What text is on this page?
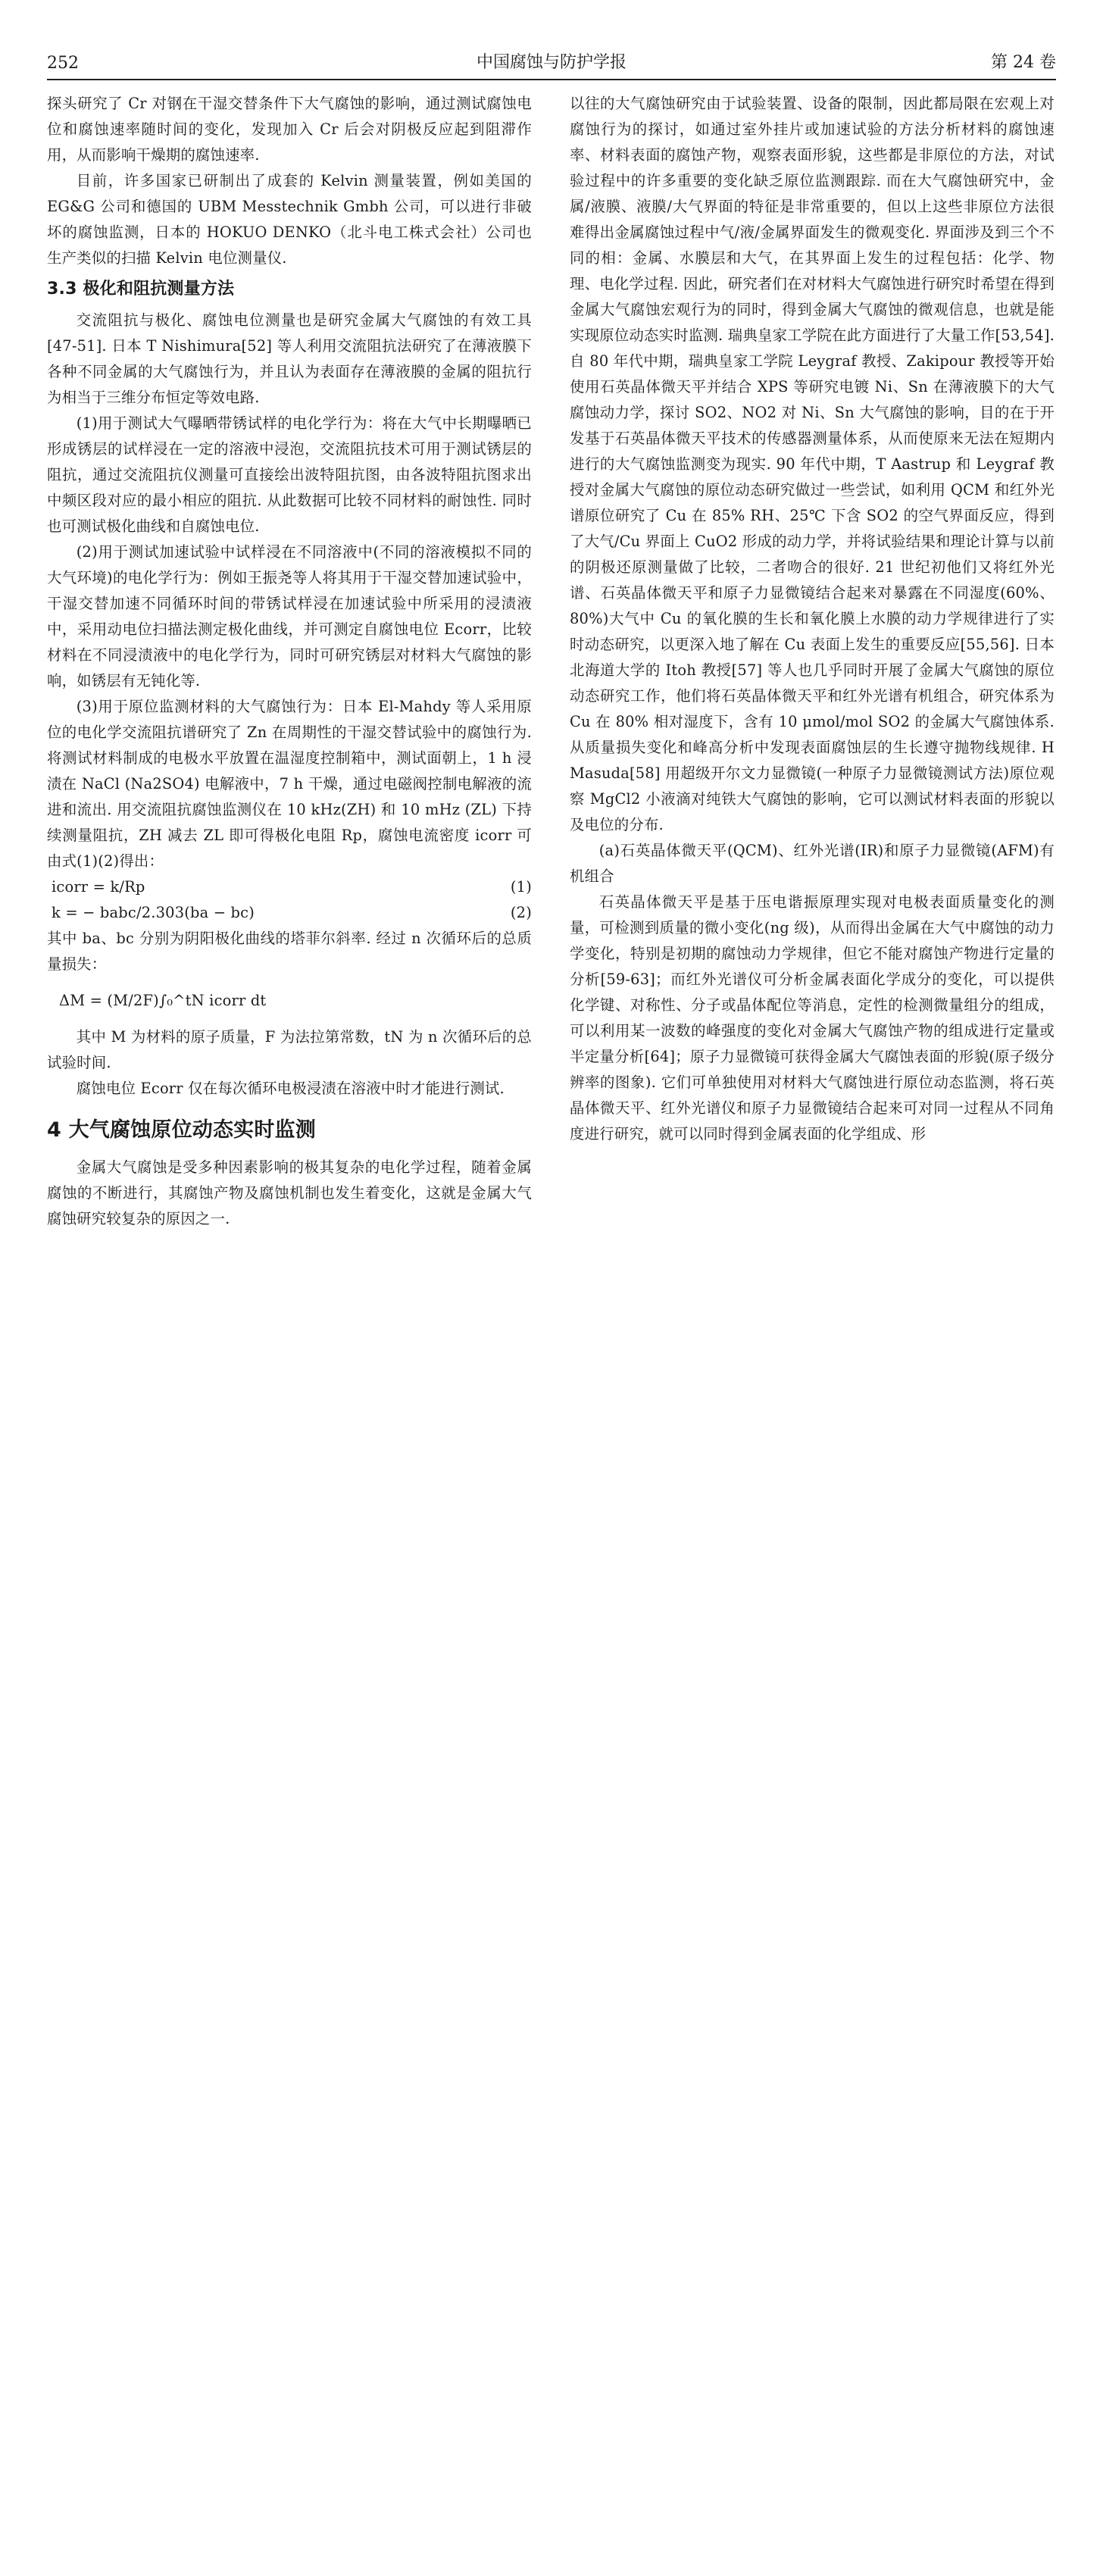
252	中国腐蚀与防护学报	第 24 卷

探头研究了 Cr 对钢在干湿交替条件下大气腐蚀的影响，通过测试腐蚀电位和腐蚀速率随时间的变化，发现加入 Cr 后会对阴极反应起到阻滞作用，从而影响干燥期的腐蚀速率.

目前，许多国家已研制出了成套的 Kelvin 测量装置，例如美国的 EG&G 公司和德国的 UBM Messtechnik Gmbh 公司，可以进行非破坏的腐蚀监测，日本的 HOKUO DENKO（北斗电工株式会社）公司也生产类似的扫描 Kelvin 电位测量仪.

3.3 极化和阻抗测量方法

交流阻抗与极化、腐蚀电位测量也是研究金属大气腐蚀的有效工具[47-51]. 日本 T Nishimura[52] 等人利用交流阻抗法研究了在薄液膜下各种不同金属的大气腐蚀行为，并且认为表面存在薄液膜的金属的阻抗行为相当于三维分布恒定等效电路.

(1)用于测试大气曝晒带锈试样的电化学行为：将在大气中长期曝晒已形成锈层的试样浸在一定的溶液中浸泡，交流阻抗技术可用于测试锈层的阻抗，通过交流阻抗仪测量可直接绘出波特阻抗图，由各波特阻抗图求出中频区段对应的最小相应的阻抗. 从此数据可比较不同材料的耐蚀性. 同时也可测试极化曲线和自腐蚀电位.

(2)用于测试加速试验中试样浸在不同溶液中(不同的溶液模拟不同的大气环境)的电化学行为：例如王振尧等人将其用于干湿交替加速试验中，干湿交替加速不同循环时间的带锈试样浸在加速试验中所采用的浸渍液中，采用动电位扫描法测定极化曲线，并可测定自腐蚀电位 Ecorr，比较材料在不同浸渍液中的电化学行为，同时可研究锈层对材料大气腐蚀的影响，如锈层有无钝化等.

(3)用于原位监测材料的大气腐蚀行为：日本 El-Mahdy 等人采用原位的电化学交流阻抗谱研究了 Zn 在周期性的干湿交替试验中的腐蚀行为. 将测试材料制成的电极水平放置在温湿度控制箱中，测试面朝上，1 h 浸渍在 NaCl (Na2SO4) 电解液中，7 h 干燥，通过电磁阀控制电解液的流进和流出. 用交流阻抗腐蚀监测仪在 10 kHz(ZH) 和 10 mHz (ZL) 下持续测量阻抗，ZH 减去 ZL 即可得极化电阻 Rp，腐蚀电流密度 icorr 可由式(1)(2)得出：

icorr = k/Rp	(1)
k = − babc/2.303(ba − bc)	(2)

其中 ba、bc 分别为阴阳极化曲线的塔菲尔斜率. 经过 n 次循环后的总质量损失：

ΔM = (M/2F)∫₀^tN icorr dt

其中 M 为材料的原子质量，F 为法拉第常数，tN 为 n 次循环后的总试验时间.

腐蚀电位 Ecorr 仅在每次循环电极浸渍在溶液中时才能进行测试.

4 大气腐蚀原位动态实时监测

金属大气腐蚀是受多种因素影响的极其复杂的电化学过程，随着金属腐蚀的不断进行，其腐蚀产物及腐蚀机制也发生着变化，这就是金属大气腐蚀研究较复杂的原因之一.

以往的大气腐蚀研究由于试验装置、设备的限制，因此都局限在宏观上对腐蚀行为的探讨，如通过室外挂片或加速试验的方法分析材料的腐蚀速率、材料表面的腐蚀产物，观察表面形貌，这些都是非原位的方法，对试验过程中的许多重要的变化缺乏原位监测跟踪. 而在大气腐蚀研究中，金属/液膜、液膜/大气界面的特征是非常重要的，但以上这些非原位方法很难得出金属腐蚀过程中气/液/金属界面发生的微观变化. 界面涉及到三个不同的相：金属、水膜层和大气，在其界面上发生的过程包括：化学、物理、电化学过程. 因此，研究者们在对材料大气腐蚀进行研究时希望在得到金属大气腐蚀宏观行为的同时，得到金属大气腐蚀的微观信息，也就是能实现原位动态实时监测. 瑞典皇家工学院在此方面进行了大量工作[53,54]. 自 80 年代中期，瑞典皇家工学院 Leygraf 教授、Zakipour 教授等开始使用石英晶体微天平并结合 XPS 等研究电镀 Ni、Sn 在薄液膜下的大气腐蚀动力学，探讨 SO2、NO2 对 Ni、Sn 大气腐蚀的影响，目的在于开发基于石英晶体微天平技术的传感器测量体系，从而使原来无法在短期内进行的大气腐蚀监测变为现实. 90 年代中期，T Aastrup 和 Leygraf 教授对金属大气腐蚀的原位动态研究做过一些尝试，如利用 QCM 和红外光谱原位研究了 Cu 在 85% RH、25℃ 下含 SO2 的空气界面反应，得到了大气/Cu 界面上 CuO2 形成的动力学，并将试验结果和理论计算与以前的阴极还原测量做了比较，二者吻合的很好. 21 世纪初他们又将红外光谱、石英晶体微天平和原子力显微镜结合起来对暴露在不同湿度(60%、80%)大气中 Cu 的氧化膜的生长和氧化膜上水膜的动力学规律进行了实时动态研究，以更深入地了解在 Cu 表面上发生的重要反应[55,56]. 日本北海道大学的 Itoh 教授[57] 等人也几乎同时开展了金属大气腐蚀的原位动态研究工作，他们将石英晶体微天平和红外光谱有机组合，研究体系为 Cu 在 80% 相对湿度下，含有 10 μmol/mol SO2 的金属大气腐蚀体系. 从质量损失变化和峰高分析中发现表面腐蚀层的生长遵守抛物线规律. H Masuda[58] 用超级开尔文力显微镜(一种原子力显微镜测试方法)原位观察 MgCl2 小液滴对纯铁大气腐蚀的影响，它可以测试材料表面的形貌以及电位的分布.

(a)石英晶体微天平(QCM)、红外光谱(IR)和原子力显微镜(AFM)有机组合

石英晶体微天平是基于压电谐振原理实现对电极表面质量变化的测量，可检测到质量的微小变化(ng 级)，从而得出金属在大气中腐蚀的动力学变化，特别是初期的腐蚀动力学规律，但它不能对腐蚀产物进行定量的分析[59-63]；而红外光谱仪可分析金属表面化学成分的变化，可以提供化学键、对称性、分子或晶体配位等消息，定性的检测微量组分的组成，可以利用某一波数的峰强度的变化对金属大气腐蚀产物的组成进行定量或半定量分析[64]；原子力显微镜可获得金属大气腐蚀表面的形貌(原子级分辨率的图象). 它们可单独使用对材料大气腐蚀进行原位动态监测，将石英晶体微天平、红外光谱仪和原子力显微镜结合起来可对同一过程从不同角度进行研究，就可以同时得到金属表面的化学组成、形
